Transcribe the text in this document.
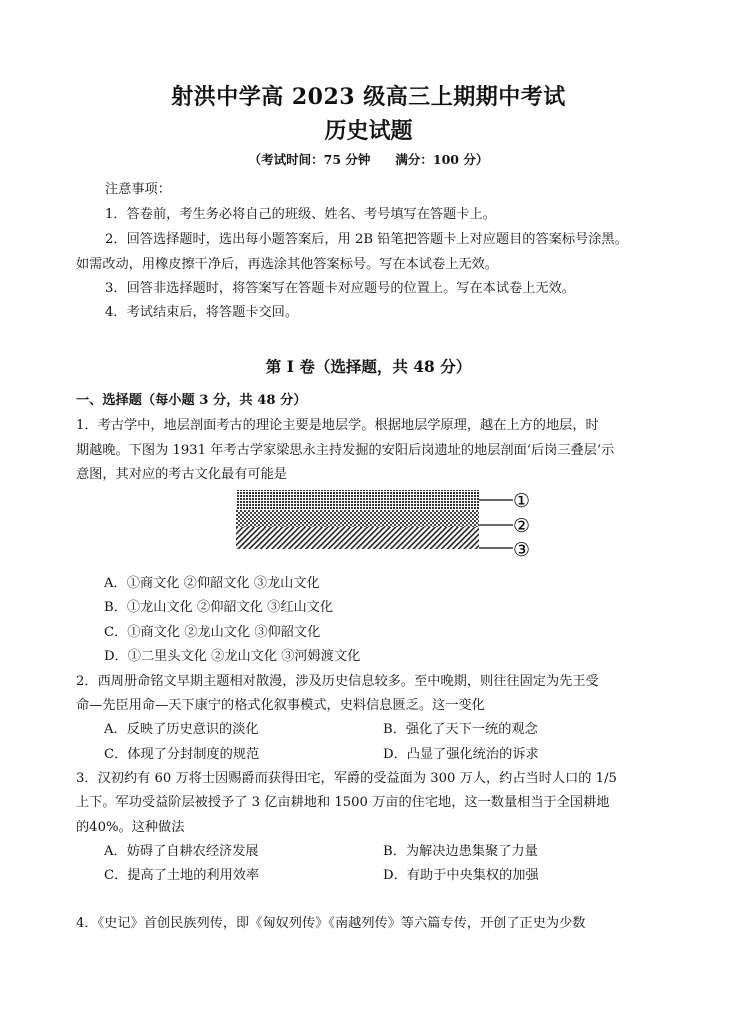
射洪中学高 2023 级高三上期期中考试
历史试题
（考试时间：75 分钟　　满分：100 分）
注意事项：
1．答卷前，考生务必将自己的班级、姓名、考号填写在答题卡上。
2．回答选择题时，选出每小题答案后，用 2B 铅笔把答题卡上对应题目的答案标号涂黑。
如需改动，用橡皮擦干净后，再选涂其他答案标号。写在本试卷上无效。
3．回答非选择题时，将答案写在答题卡对应题号的位置上。写在本试卷上无效。
4．考试结束后，将答题卡交回。
第 I 卷（选择题，共 48 分）
一、选择题（每小题 3 分，共 48 分）
1．考古学中，地层剖面考古的理论主要是地层学。根据地层学原理，越在上方的地层，时
期越晚。下图为 1931 年考古学家梁思永主持发掘的安阳后岗遗址的地层剖面‘后岗三叠层’示
意图，其对应的考古文化最有可能是
①
②
③
A．①商文化 ②仰韶文化 ③龙山文化
B．①龙山文化 ②仰韶文化 ③红山文化
C．①商文化 ②龙山文化 ③仰韶文化
D．①二里头文化 ②龙山文化 ③河姆渡文化
2．西周册命铭文早期主题相对散漫，涉及历史信息较多。至中晚期，则往往固定为先王受
命—先臣用命—天下康宁的格式化叙事模式，史料信息匮乏。这一变化
A．反映了历史意识的淡化	B．强化了天下一统的观念
C．体现了分封制度的规范	D．凸显了强化统治的诉求
3．汉初约有 60 万将士因赐爵而获得田宅，军爵的受益面为 300 万人，约占当时人口的 1/5
上下。军功受益阶层被授予了 3 亿亩耕地和 1500 万亩的住宅地，这一数量相当于全国耕地
的40%。这种做法
A．妨碍了自耕农经济发展	B．为解决边患集聚了力量
C．提高了土地的利用效率	D．有助于中央集权的加强
4．《史记》首创民族列传，即《匈奴列传》《南越列传》等六篇专传，开创了正史为少数
